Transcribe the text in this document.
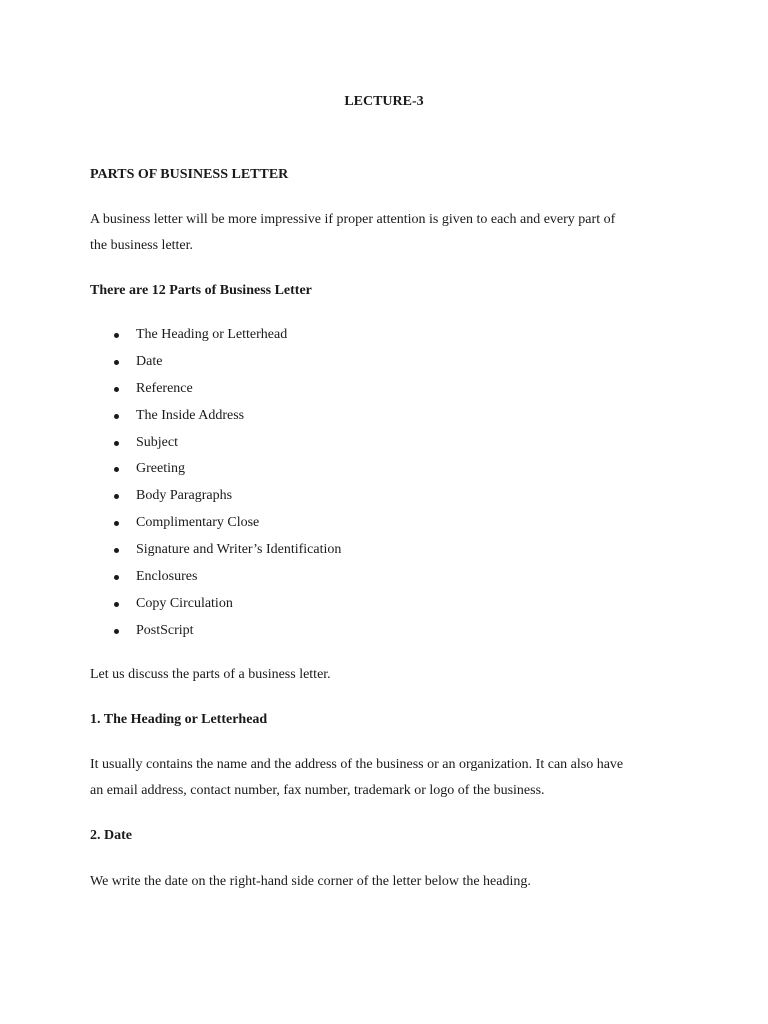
LECTURE-3

PARTS OF BUSINESS LETTER

A business letter will be more impressive if proper attention is given to each and every part of

the business letter.

There are 12 Parts of Business Letter

The Heading or Letterhead
Date
Reference
The Inside Address
Subject
Greeting
Body Paragraphs
Complimentary Close
Signature and Writer’s Identification
Enclosures
Copy Circulation
PostScript

Let us discuss the parts of a business letter.

1. The Heading or Letterhead

It usually contains the name and the address of the business or an organization. It can also have

an email address, contact number, fax number, trademark or logo of the business.

2. Date

We write the date on the right-hand side corner of the letter below the heading.
